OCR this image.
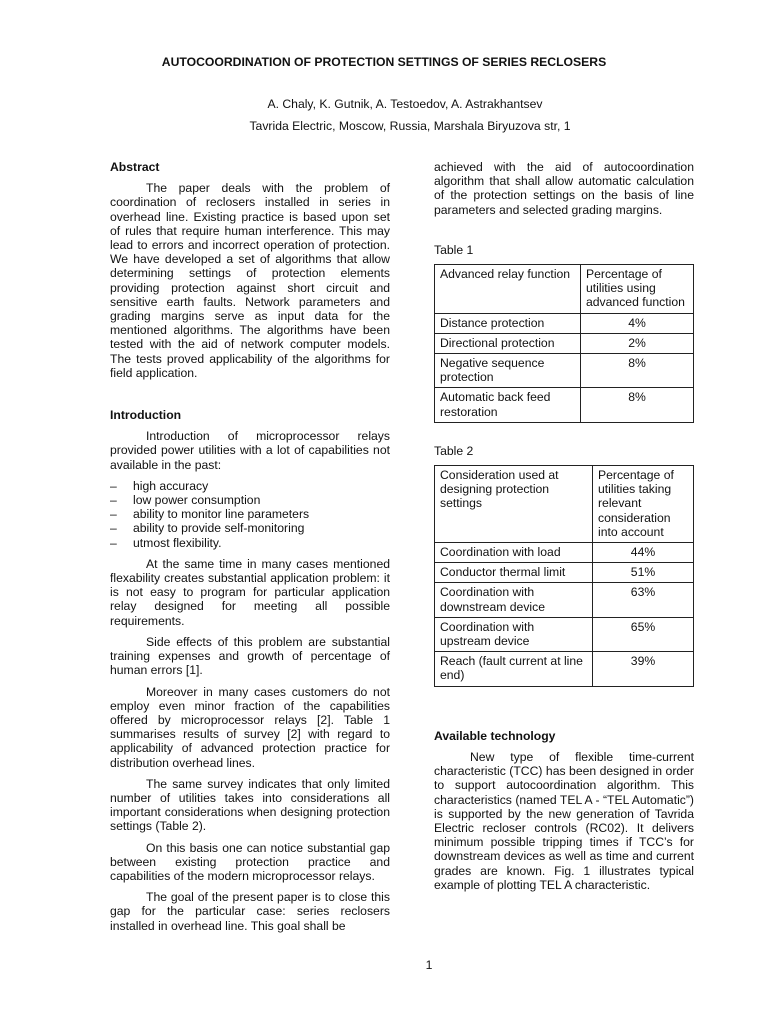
AUTOCOORDINATION OF PROTECTION SETTINGS OF SERIES RECLOSERS
A. Chaly, K. Gutnik, A. Testoedov, A. Astrakhantsev
Tavrida Electric, Moscow, Russia, Marshala Biryuzova str, 1
Abstract

The paper deals with the problem of coordination of reclosers installed in series in overhead line. Existing practice is based upon set of rules that require human interference. This may lead to errors and incorrect operation of protection. We have developed a set of algorithms that allow determining settings of protection elements providing protection against short circuit and sensitive earth faults. Network parameters and grading margins serve as input data for the mentioned algorithms. The algorithms have been tested with the aid of network computer models. The tests proved applicability of the algorithms for field application.

Introduction

Introduction of microprocessor relays provided power utilities with a lot of capabilities not available in the past:

– high accuracy
– low power consumption
– ability to monitor line parameters
– ability to provide self-monitoring
– utmost flexibility.

At the same time in many cases mentioned flexability creates substantial application problem: it is not easy to program for particular application relay designed for meeting all possible requirements.

Side effects of this problem are substantial training expenses and growth of percentage of human errors [1].

Moreover in many cases customers do not employ even minor fraction of the capabilities offered by microprocessor relays [2]. Table 1 summarises results of survey [2] with regard to applicability of advanced protection practice for distribution overhead lines.

The same survey indicates that only limited number of utilities takes into considerations all important considerations when designing protection settings (Table 2).

On this basis one can notice substantial gap between existing protection practice and capabilities of the modern microprocessor relays.

The goal of the present paper is to close this gap for the particular case: series reclosers installed in overhead line. This goal shall be

achieved with the aid of autocoordination algorithm that shall allow automatic calculation of the protection settings on the basis of line parameters and selected grading margins.

Table 1
Advanced relay function	Percentage of utilities using advanced function
Distance protection	4%
Directional protection	2%
Negative sequence protection	8%
Automatic back feed restoration	8%
Table 2
Consideration used at designing protection settings	Percentage of utilities taking relevant consideration into account
Coordination with load	44%
Conductor thermal limit	51%
Coordination with downstream device	63%
Coordination with upstream device	65%
Reach (fault current at line end)	39%
Available technology

New type of flexible time-current characteristic (TCC) has been designed in order to support autocoordination algorithm. This characteristics (named TEL A - “TEL Automatic”) is supported by the new generation of Tavrida Electric recloser controls (RC02). It delivers minimum possible tripping times if TCC’s for downstream devices as well as time and current grades are known. Fig. 1 illustrates typical example of plotting TEL A characteristic.

1
